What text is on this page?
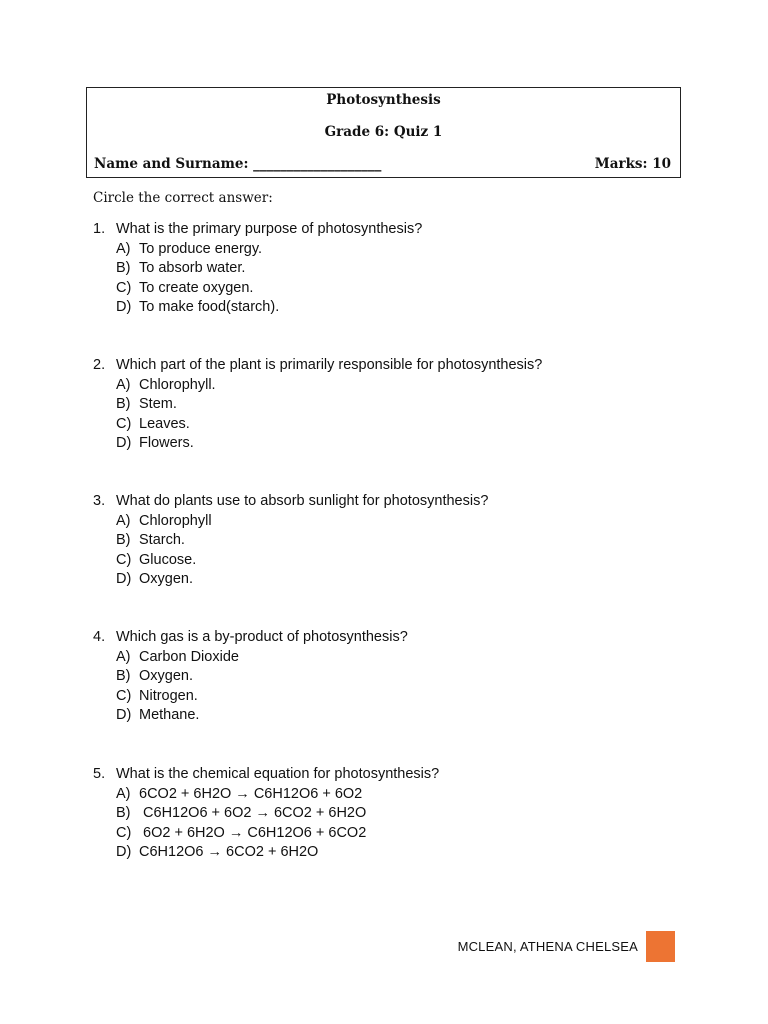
Photosynthesis
Grade 6: Quiz 1
Name and Surname: ___________________	Marks: 10
Circle the correct answer:
1. What is the primary purpose of photosynthesis?
A) To produce energy.
B) To absorb water.
C) To create oxygen.
D) To make food(starch).
2. Which part of the plant is primarily responsible for photosynthesis?
A) Chlorophyll.
B) Stem.
C) Leaves.
D) Flowers.
3. What do plants use to absorb sunlight for photosynthesis?
A) Chlorophyll
B) Starch.
C) Glucose.
D) Oxygen.
4. Which gas is a by-product of photosynthesis?
A) Carbon Dioxide
B) Oxygen.
C) Nitrogen.
D) Methane.
5. What is the chemical equation for photosynthesis?
A) 6CO2 + 6H2O → C6H12O6 + 6O2
B) C6H12O6 + 6O2 → 6CO2 + 6H2O
C) 6O2 + 6H2O → C6H12O6 + 6CO2
D) C6H12O6 → 6CO2 + 6H2O
MCLEAN, ATHENA CHELSEA
